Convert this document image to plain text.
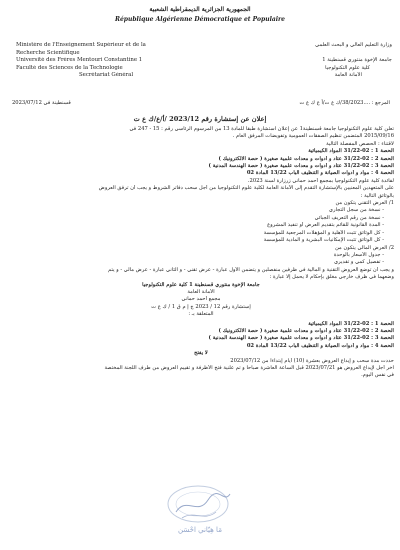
الجمهورية الجزائرية الديمقراطية الشعبية
République Algérienne Démocratique et Populaire
Ministère de l'Enseignement Supérieur et de la
Recherche Scientifique
Université des Frères Mentouri Constantine 1
Faculté des Sciences de la Technologie
Secrétariat Général
وزارة التعليم العالي و البحث العلمي

جامعة الإخوة منتوري قسنطينة 1
كلية علوم التكنولوجيا
الأمانة العامة
قسنطينة في 2023/07/12	المرجع : ....38/2023/ك ع ت/أ ع ك ع ت
إعلان عن إستشارة رقم 2023/12 /أ/ع/ك ع ت
تعلن كلية علوم التكنولوجيا جامعة قسنطينة1 عن إعلان استشارة طبقا للمادة 13 من المرسوم الرئاسي رقم : 15 - 247 في
2015/09/16 المتضمن تنظيم الصفقات العمومية وتفويضات المرفق العام .
لاقتناء : الحصص المفصلة التالية
الحصة 1 : 02-31/22 المواد الكيميائية
الحصة 2 : 02-31/22 عتاد و أدوات و معدات علمية صغيرة ( حصة الالكترونيك )
الحصة 3 : 02-31/22 عتاد و أدوات و معدات علمية صغيرة ( حصة الهندسة المدنية )
الحصة 4 : مواد و أدوات الصيانة و التنظيف الباب 13/22 المادة 02
لفائدة كلية علوم التكنولوجيا بمجمع أحمد حماني زرزارة لسنة 2023.
على المتعهدين المعنيين بالإستشارة التقدم إلى الأمانة العامة لكلية علوم التكنولوجيا من أجل سحب دفاتر الشروط و يجب أن ترفق العروض
بالوثائق التالية :
1/ العرض التقني يتكون من
- نسخة من سجل التجاري
- نسخة من رقم التعريف الجبائي
- المدة القانونية للقائم بتقديم العرض أو تنفيذ المشروع
- كل الوثائق تثبت الأهلية و المؤهلات المرجعية للمؤسسة
- كل الوثائق تثبت الإمكانيات البشرية و المادية للمؤسسة
2/ العرض المالي يتكون من
- جدول الأسعار بالوحدة
- تفصيل كمي و تقديري
و يجب أن توضع العروض التقنية و المالية في ظرفين منفصلين و يتضمن الأول عبارة - عرض تقني - و الثاني عبارة - عرض مالي - و يتم
وضعهما في ظرف خارجي مغلق بإحكام لا يحمل إلا عبارة :
جامعة الإخوة منتوري قسنطينة 1 كلية علوم التكنولوجيا
الأمانة العامة
مجمع أحمد حماني
إستشارة رقم 12 / 2023 ج إ م ق 1 / ك ع ت
المتعلقة بـ :
الحصة 1 : 02-31/22 المواد الكيميائية
الحصة 2 : 02-31/22 عتاد و أدوات و معدات علمية صغيرة ( حصة الالكترونيك )
الحصة 3 : 02-31/22 عتاد و أدوات و معدات علمية صغيرة ( حصة الهندسة المدنية )
الحصة 4 : مواد و أدوات الصيانة و التنظيف الباب 13/22 المادة 02
لا يفتح
حددت مدة سحب و إيداع العروض بعشرة (10) أيام إبتداءا من 2023/07/12
آخر أجل لإيداع العروض هو 2023/07/21 قبل الساعة العاشرة صباحا و تم علنية فتح الأظرفة و تقييم العروض من طرف اللجنة المختصة
في نفس اليوم.
مَا هِيّاني احْسَن
